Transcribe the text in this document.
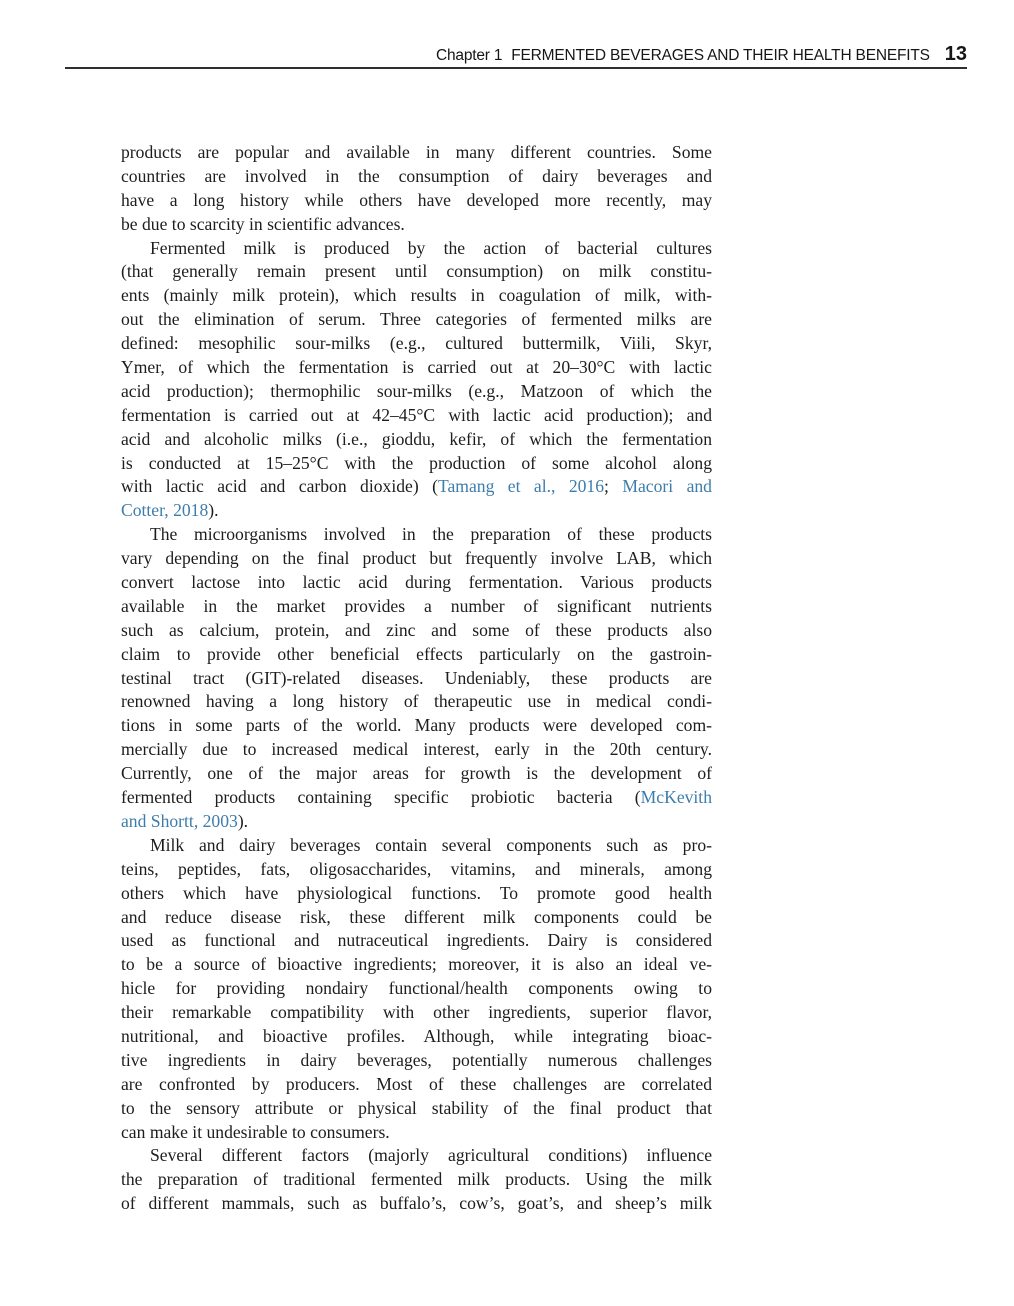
Chapter 1 FERMENTED BEVERAGES AND THEIR HEALTH BENEFITS 13
products are popular and available in many different countries. Some
countries are involved in the consumption of dairy beverages and
have a long history while others have developed more recently, may
be due to scarcity in scientific advances.
Fermented milk is produced by the action of bacterial cultures
(that generally remain present until consumption) on milk constitu-
ents (mainly milk protein), which results in coagulation of milk, with-
out the elimination of serum. Three categories of fermented milks are
defined: mesophilic sour-milks (e.g., cultured buttermilk, Viili, Skyr,
Ymer, of which the fermentation is carried out at 20–30°C with lactic
acid production); thermophilic sour-milks (e.g., Matzoon of which the
fermentation is carried out at 42–45°C with lactic acid production); and
acid and alcoholic milks (i.e., gioddu, kefir, of which the fermentation
is conducted at 15–25°C with the production of some alcohol along
with lactic acid and carbon dioxide) (Tamang et al., 2016; Macori and
Cotter, 2018).
The microorganisms involved in the preparation of these products
vary depending on the final product but frequently involve LAB, which
convert lactose into lactic acid during fermentation. Various products
available in the market provides a number of significant nutrients
such as calcium, protein, and zinc and some of these products also
claim to provide other beneficial effects particularly on the gastroin-
testinal tract (GIT)-related diseases. Undeniably, these products are
renowned having a long history of therapeutic use in medical condi-
tions in some parts of the world. Many products were developed com-
mercially due to increased medical interest, early in the 20th century.
Currently, one of the major areas for growth is the development of
fermented products containing specific probiotic bacteria (McKevith
and Shortt, 2003).
Milk and dairy beverages contain several components such as pro-
teins, peptides, fats, oligosaccharides, vitamins, and minerals, among
others which have physiological functions. To promote good health
and reduce disease risk, these different milk components could be
used as functional and nutraceutical ingredients. Dairy is considered
to be a source of bioactive ingredients; moreover, it is also an ideal ve-
hicle for providing nondairy functional/health components owing to
their remarkable compatibility with other ingredients, superior flavor,
nutritional, and bioactive profiles. Although, while integrating bioac-
tive ingredients in dairy beverages, potentially numerous challenges
are confronted by producers. Most of these challenges are correlated
to the sensory attribute or physical stability of the final product that
can make it undesirable to consumers.
Several different factors (majorly agricultural conditions) influence
the preparation of traditional fermented milk products. Using the milk
of different mammals, such as buffalo’s, cow’s, goat’s, and sheep’s milk
